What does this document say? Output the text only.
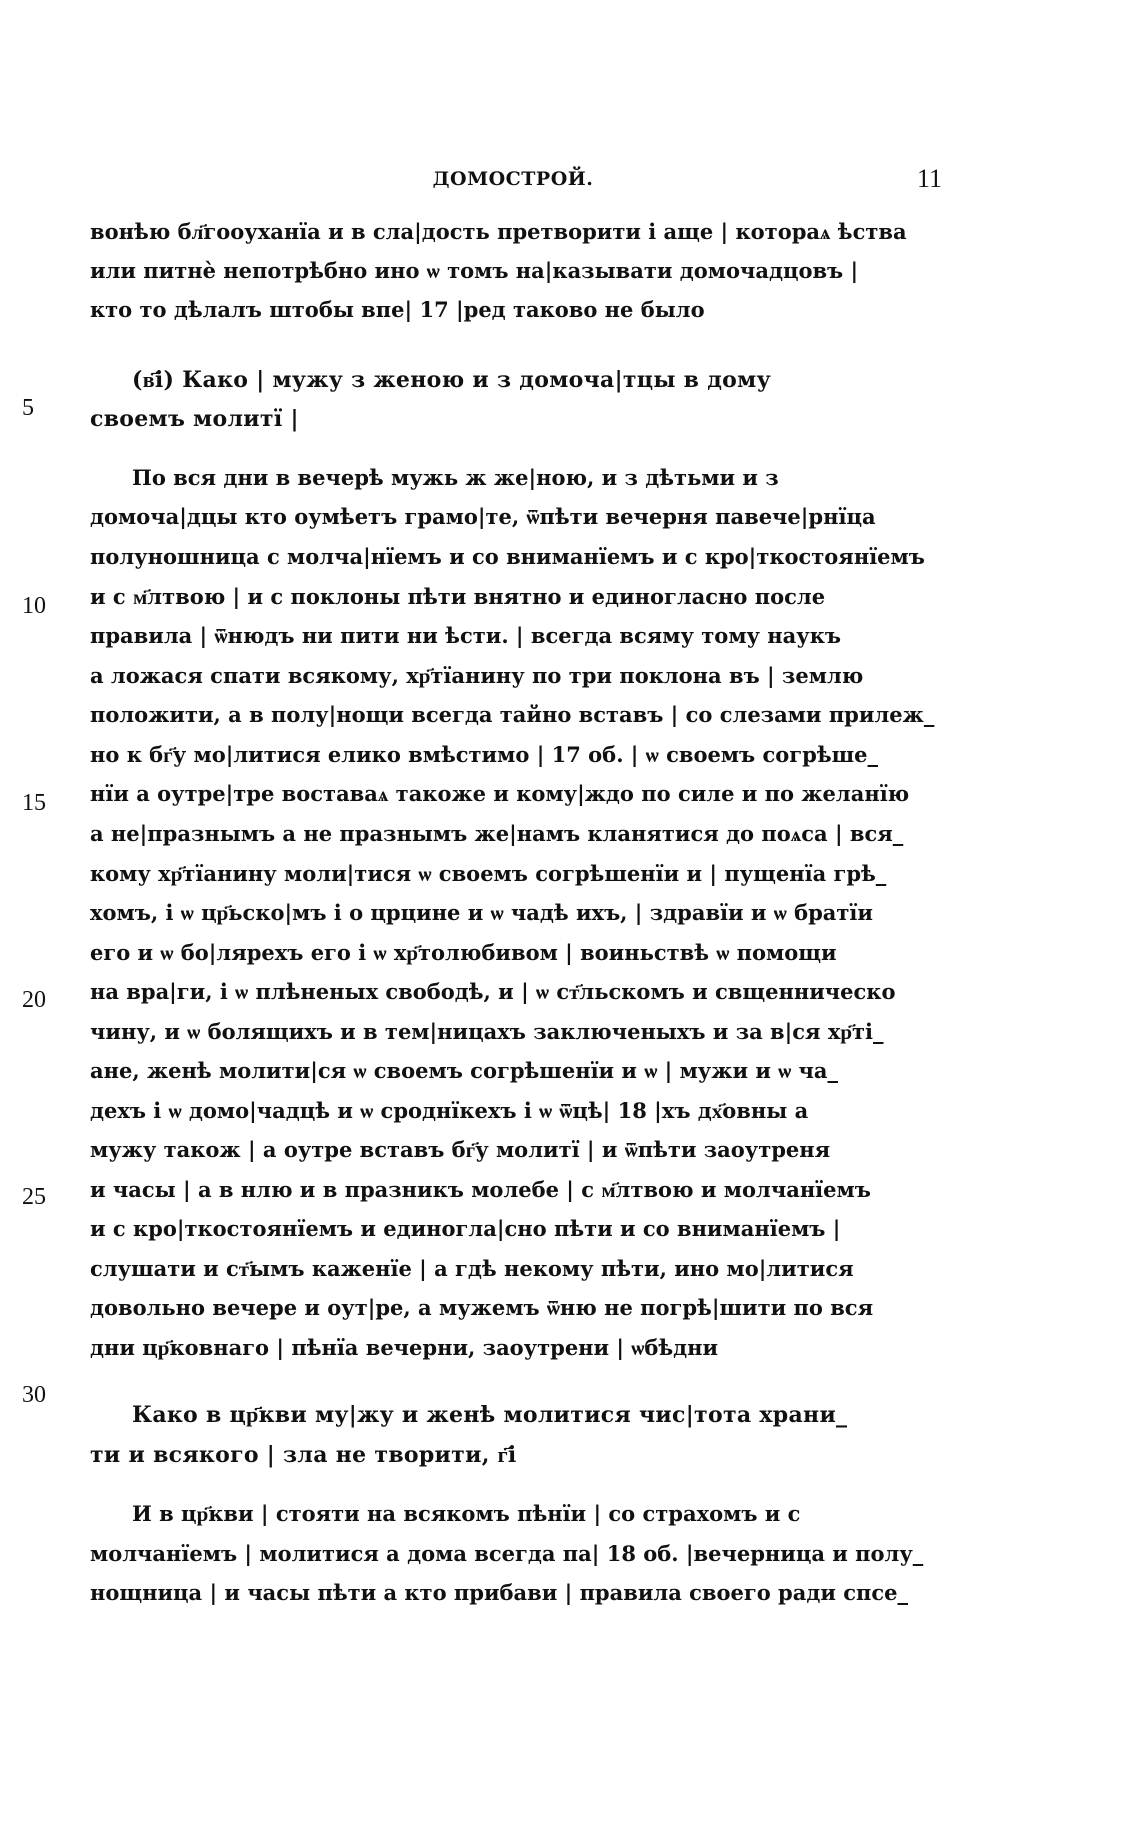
ДОМОСТРОЙ.	11
5
10
15
20
25
30
вонѣю бл҃гооуханїа и в сла|дость претворити і аще | котораѧ ѣства
или питнѐ непотрѣбно ино ѡ томъ на|казывати домочадцовъ |
кто то дѣлалъ штобы впе| 17 |ред таково не было
(в҃і) Како | мужу з женою и з домоча|тцы в дому
своемъ молитї |
По вся дни в вечерѣ мужь ж же|ною, и з дѣтьми и з
домоча|дцы кто оумѣетъ грамо|те, ѿпѣти вечерня павече|рнїца
полуношница с молча|нїемъ и со вниманїемъ и с кро|ткостоянїемъ
и с м҃лтвою | и с поклоны пѣти внятно и единогласно после
правила | ѿнюдъ ни пити ни ѣсти. | всегда всяму тому наукъ
а ложася спати всякому, хр҃тїанину по три поклона въ | землю
положити, а в полу|нощи всегда тайно вставъ | со слезами прилеж_
но к бг҃у мо|литися елико вмѣстимо | 17 об. | ѡ своемъ согрѣше_
нїи а оутре|тре воставаѧ такоже и кому|ждо по силе и по желанїю
а не|празнымъ а не празнымъ же|намъ кланятися до поѧса | вся_
кому хр҃тїанину моли|тися ѡ своемъ согрѣшенїи и | пущенїа грѣ_
хомъ, і ѡ цр҃ьско|мъ і о црцине и ѡ чадѣ ихъ, | здравїи и ѡ братїи
его и ѡ бо|лярехъ его і ѡ хр҃толюбивом | воиньствѣ ѡ помощи
на вра|ги, і ѡ плѣненых свободѣ, и | ѡ ст҃льскомъ и свщенническо
чину, и ѡ болящихъ и в тем|ницахъ заключеныхъ и за в|ся хр҃ті_
ане, женѣ молити|ся ѡ своемъ согрѣшенїи и ѡ | мужи и ѡ ча_
дехъ і ѡ домо|чадцѣ и ѡ сроднїкехъ і ѡ ѿцѣ| 18 |хъ дх҃овны а
мужу також | а оутре вставъ бг҃у молитї | и ѿпѣти заоутреня
и часы | а в нлю и в празникъ молебе | с м҃лтвою и молчанїемъ
и с кро|ткостоянїемъ и единогла|сно пѣти и со вниманїемъ |
слушати и ст҃ымъ каженїе | а гдѣ некому пѣти, ино мо|литися
довольно вечере и оут|ре, а мужемъ ѿню не погрѣ|шити по вся
дни цр҃ковнаго | пѣнїа вечерни, заоутрени | ѡбѣдни
Како в цр҃кви му|жу и женѣ молитися чис|тота храни_
ти и всякого | зла не творити, г҃і
И в цр҃кви | стояти на всякомъ пѣнїи | со страхомъ и с
молчанїемъ | молитися а дома всегда па| 18 об. |вечерница и полу_
нощница | и часы пѣти а кто прибави | правила своего ради спсе_
